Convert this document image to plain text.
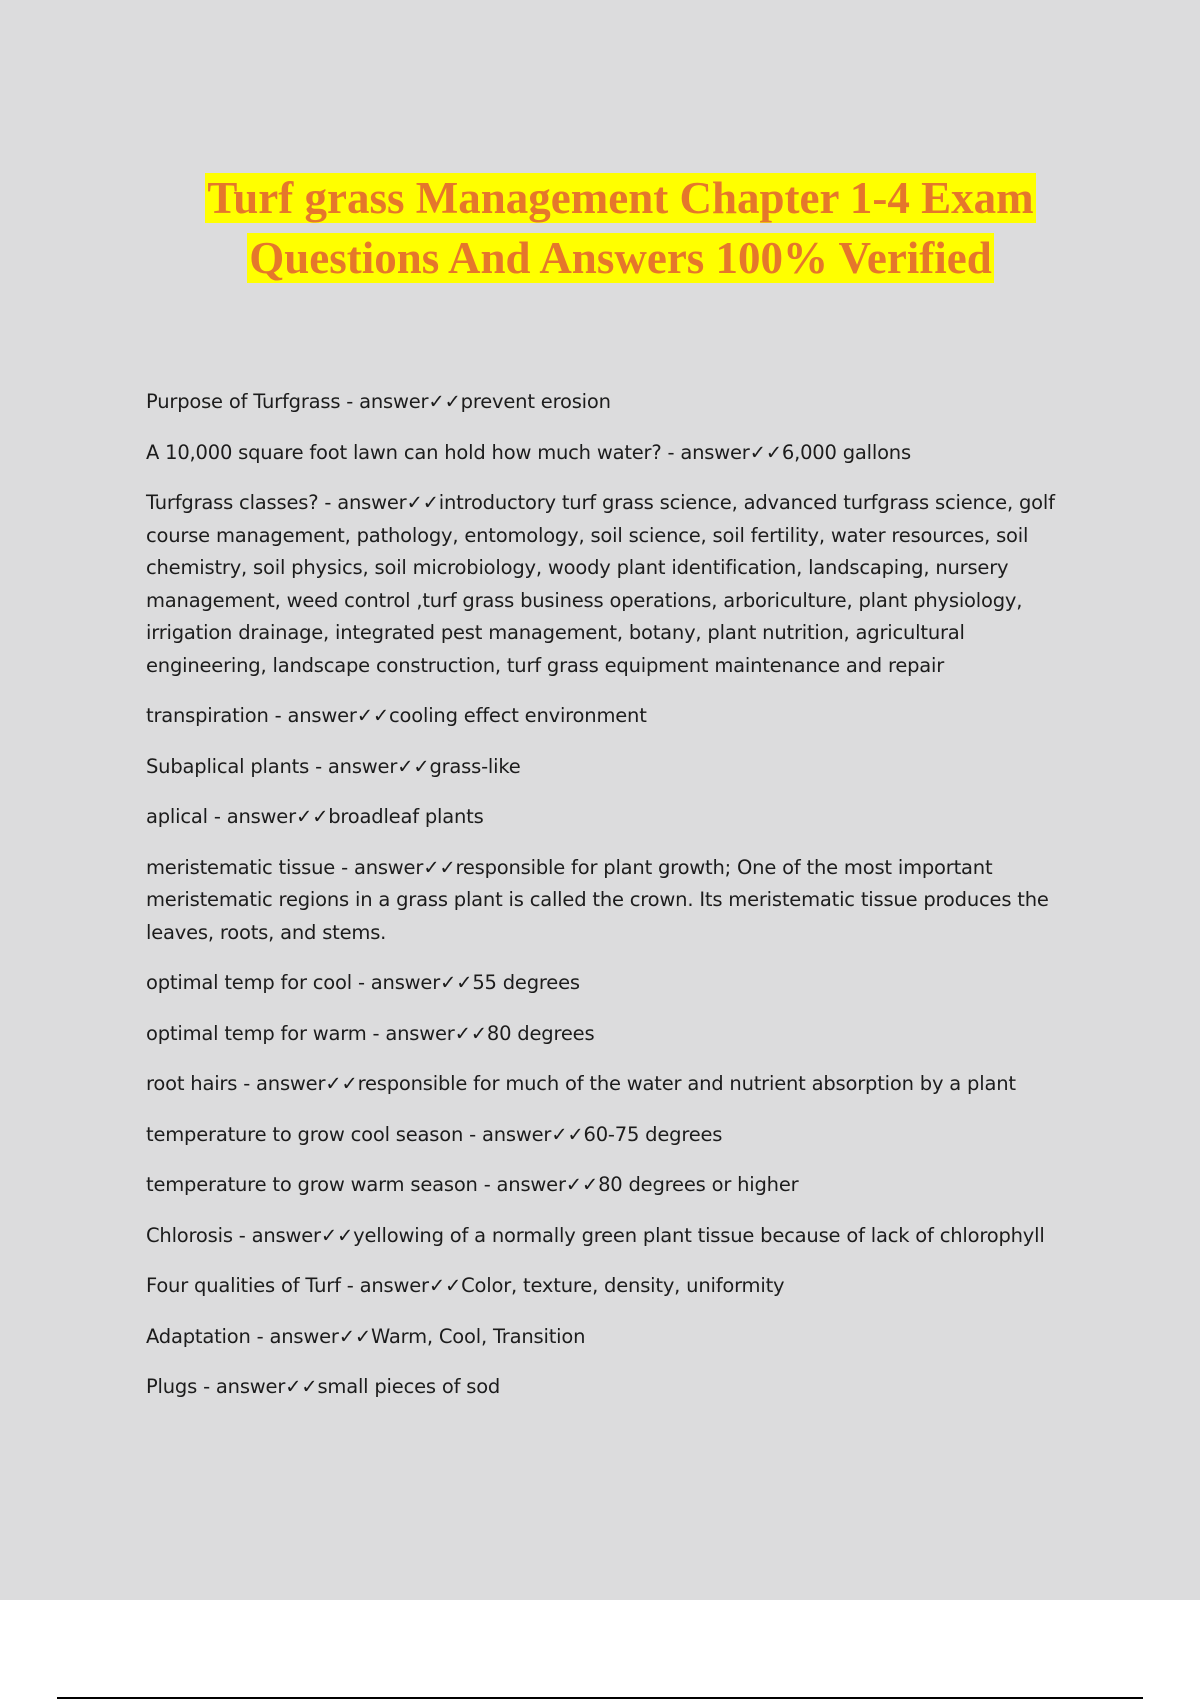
Turf grass Management Chapter 1-4 Exam
Questions And Answers 100% Verified
Purpose of Turfgrass - answer✓✓prevent erosion
A 10,000 square foot lawn can hold how much water? - answer✓✓6,000 gallons
Turfgrass classes? - answer✓✓introductory turf grass science, advanced turfgrass science, golf course management, pathology, entomology, soil science, soil fertility, water resources, soil chemistry, soil physics, soil microbiology, woody plant identification, landscaping, nursery management, weed control ,turf grass business operations, arboriculture, plant physiology, irrigation drainage, integrated pest management, botany, plant nutrition, agricultural engineering, landscape construction, turf grass equipment maintenance and repair
transpiration - answer✓✓cooling effect environment
Subaplical plants - answer✓✓grass-like
aplical - answer✓✓broadleaf plants
meristematic tissue - answer✓✓responsible for plant growth; One of the most important meristematic regions in a grass plant is called the crown. Its meristematic tissue produces the leaves, roots, and stems.
optimal temp for cool - answer✓✓55 degrees
optimal temp for warm - answer✓✓80 degrees
root hairs - answer✓✓responsible for much of the water and nutrient absorption by a plant
temperature to grow cool season - answer✓✓60-75 degrees
temperature to grow warm season - answer✓✓80 degrees or higher
Chlorosis - answer✓✓yellowing of a normally green plant tissue because of lack of chlorophyll
Four qualities of Turf - answer✓✓Color, texture, density, uniformity
Adaptation - answer✓✓Warm, Cool, Transition
Plugs - answer✓✓small pieces of sod
